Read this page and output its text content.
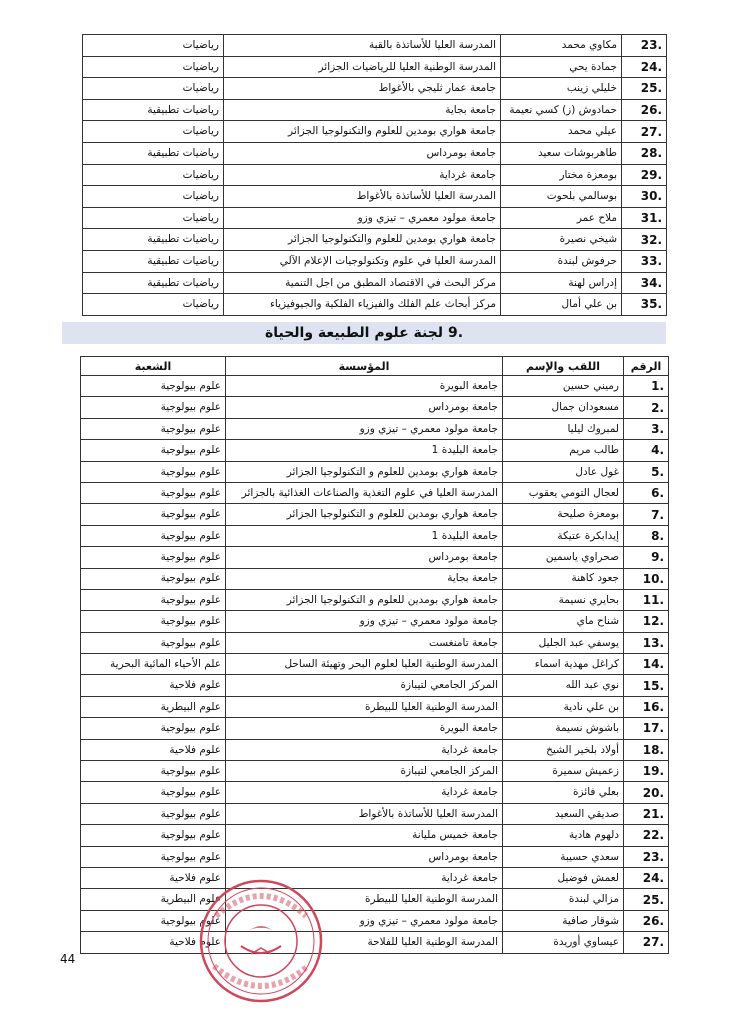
.23	مكاوي محمد	المدرسة العليا للأساتذة بالقبة	رياضيات
.24	جمادة يحي	المدرسة الوطنية العليا للرياضيات الجزائر	رياضيات
.25	خليلي زينب	جامعة عمار ثليجي بالأغواط	رياضيات
.26	حمادوش (ز) كسي نعيمة	جامعة بجاية	رياضيات تطبيقية
.27	عيلي محمد	جامعة هواري بومدين للعلوم والتكنولوجيا الجزائر	رياضيات
.28	طاهربوشات سعيد	جامعة بومرداس	رياضيات تطبيقية
.29	بومعزة مختار	جامعة غرداية	رياضيات
.30	بوسالمي بلحوت	المدرسة العليا للأساتذة بالأغواط	رياضيات
.31	ملاح عمر	جامعة مولود معمري – تيزي وزو	رياضيات
.32	شيخي نصيرة	جامعة هواري بومدين للعلوم والتكنولوجيا الجزائر	رياضيات تطبيقية
.33	حرفوش لبندة	المدرسة العليا في علوم وتكنولوجيات الإعلام الآلي	رياضيات تطبيقية
.34	إدراس لهنة	مركز البحث في الاقتصاد المطبق من اجل التنمية	رياضيات تطبيقية
.35	بن علي أمال	مركز أبحاث علم الفلك والفيزياء الفلكية والجيوفيزياء	رياضيات
.9 لجنة علوم الطبيعة والحياة
الرقم	اللقب والإسم	المؤسسة	الشعبة
.1	رميني حسين	جامعة البويرة	علوم بيولوجية
.2	مسعودان جمال	جامعة بومرداس	علوم بيولوجية
.3	لمبروك ليليا	جامعة مولود معمري – تيزي وزو	علوم بيولوجية
.4	طالب مريم	جامعة البليدة 1	علوم بيولوجية
.5	غول عادل	جامعة هواري بومدين للعلوم و التكنولوجيا الجزائر	علوم بيولوجية
.6	لعجال التومي يعقوب	المدرسة العليا في علوم التغذية والصناعات الغذائية بالجزائر	علوم بيولوجية
.7	بومعزة صليحة	جامعة هواري بومدين للعلوم و التكنولوجيا الجزائر	علوم بيولوجية
.8	إيدابكرة عتيكة	جامعة البليدة 1	علوم بيولوجية
.9	صحراوي ياسمين	جامعة بومرداس	علوم بيولوجية
.10	جعود كاهنة	جامعة بجاية	علوم بيولوجية
.11	بحايري نسيمة	جامعة هواري بومدين للعلوم و التكنولوجيا الجزائر	علوم بيولوجية
.12	شناح ماي	جامعة مولود معمري – تيزي وزو	علوم بيولوجية
.13	يوسفي عبد الجليل	جامعة تامنغست	علوم بيولوجية
.14	كراغل مهدية اسماء	المدرسة الوطنية العليا لعلوم البحر وتهيئة الساحل	علم الأحياء المائية البحرية
.15	نوي عبد الله	المركز الجامعي لتيبازة	علوم فلاحية
.16	بن علي نادية	المدرسة الوطنية العليا للبيطرة	علوم البيطرية
.17	باشوش نسيمة	جامعة البويرة	علوم بيولوجية
.18	أولاد بلخير الشيخ	جامعة غرداية	علوم فلاحية
.19	زعميش سميرة	المركز الجامعي لتيبازة	علوم بيولوجية
.20	بعلي فائزة	جامعة غرداية	علوم بيولوجية
.21	صديقي السعيد	المدرسة العليا للأساتذة بالأغواط	علوم بيولوجية
.22	دلهوم هادية	جامعة خميس مليانة	علوم بيولوجية
.23	سعدي حسيبة	جامعة بومرداس	علوم بيولوجية
.24	لعمش فوضيل	جامعة غرداية	علوم فلاحية
.25	مزالي لبندة	المدرسة الوطنية العليا للبيطرة	علوم البيطرية
.26	شوقار صافية	جامعة مولود معمري – تيزي وزو	علوم بيولوجية
.27	عيساوي أوريدة	المدرسة الوطنية العليا للفلاحة	علوم فلاحية
44
